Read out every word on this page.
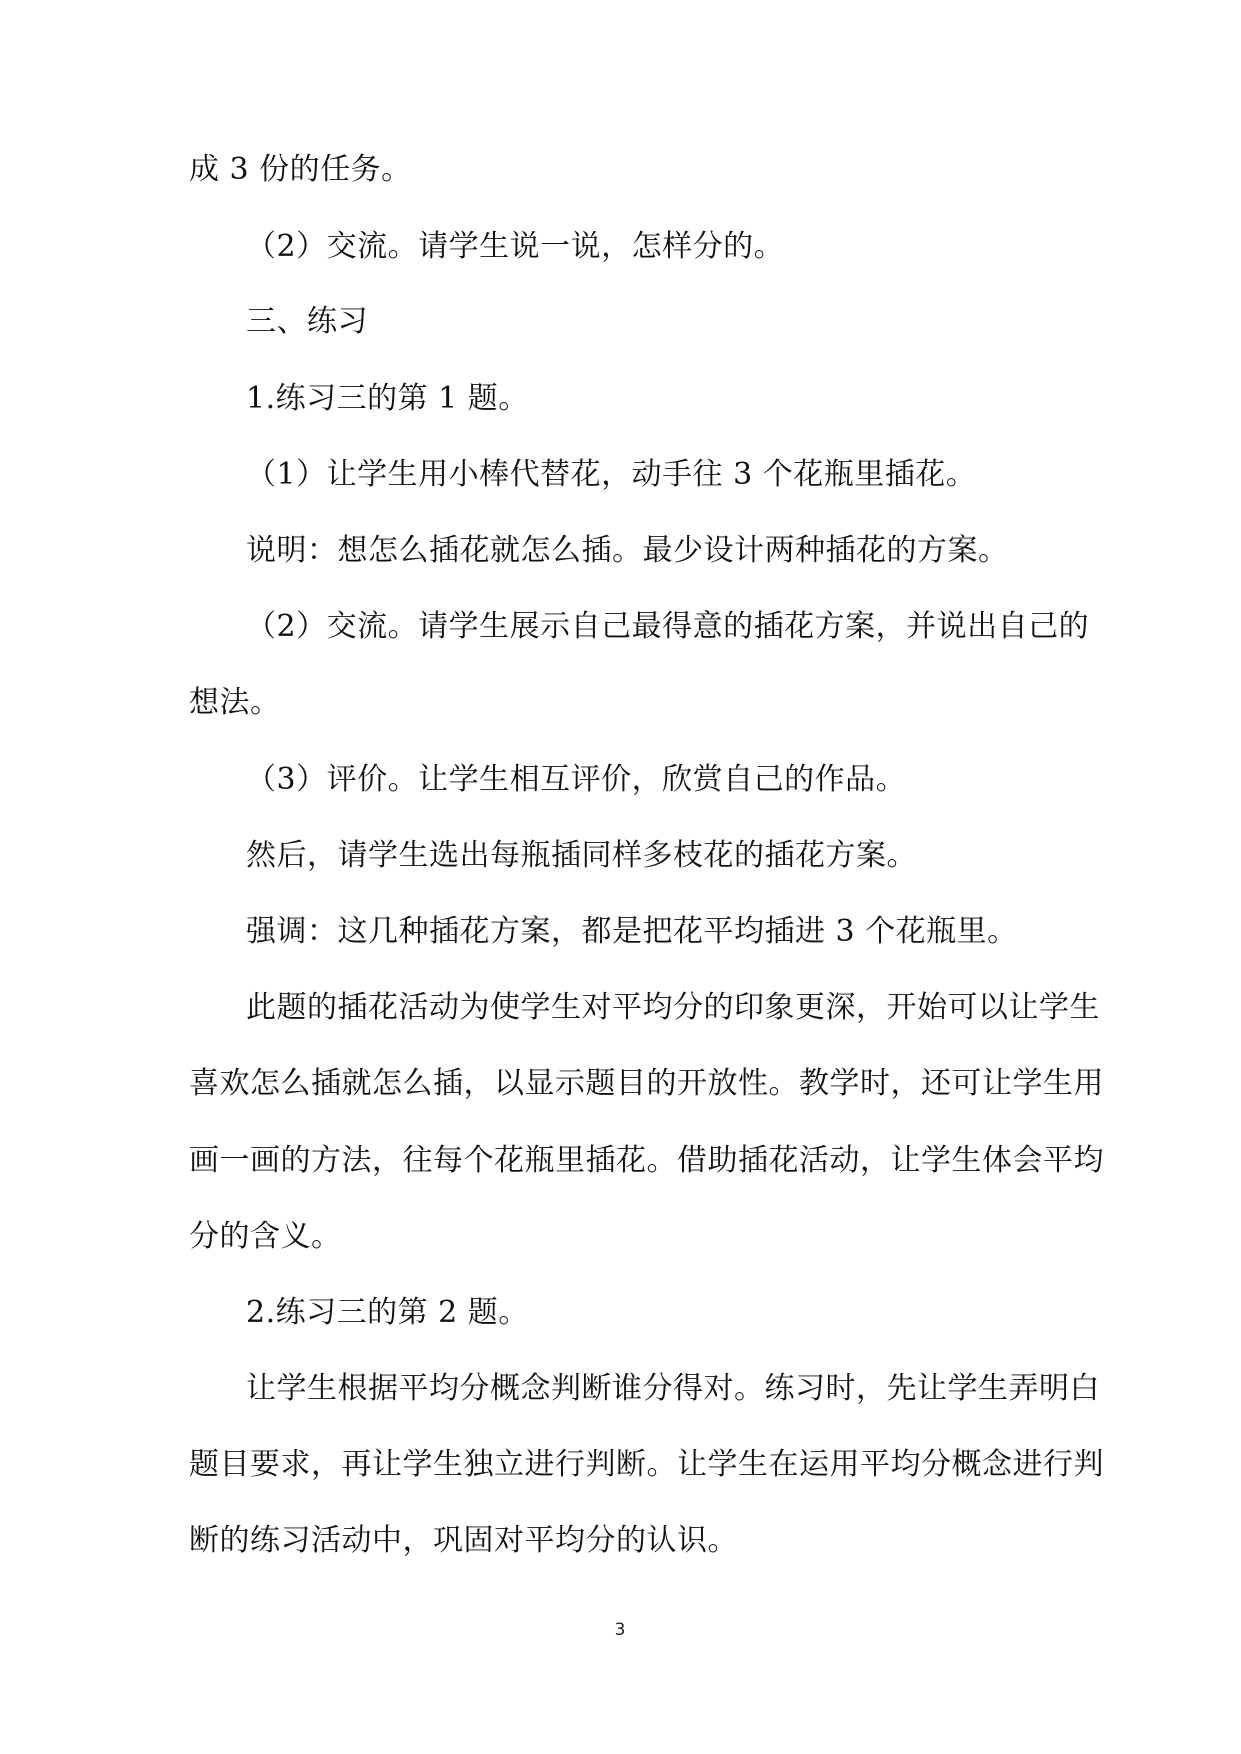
成 3 份的任务。
（2）交流。请学生说一说，怎样分的。
三、练习
1.练习三的第 1 题。
（1）让学生用小棒代替花，动手往 3 个花瓶里插花。
说明：想怎么插花就怎么插。最少设计两种插花的方案。
（2）交流。请学生展示自己最得意的插花方案，并说出自己的
想法。
（3）评价。让学生相互评价，欣赏自己的作品。
然后，请学生选出每瓶插同样多枝花的插花方案。
强调：这几种插花方案，都是把花平均插进 3 个花瓶里。
此题的插花活动为使学生对平均分的印象更深，开始可以让学生
喜欢怎么插就怎么插，以显示题目的开放性。教学时，还可让学生用
画一画的方法，往每个花瓶里插花。借助插花活动，让学生体会平均
分的含义。
2.练习三的第 2 题。
让学生根据平均分概念判断谁分得对。练习时，先让学生弄明白
题目要求，再让学生独立进行判断。让学生在运用平均分概念进行判
断的练习活动中，巩固对平均分的认识。
3
